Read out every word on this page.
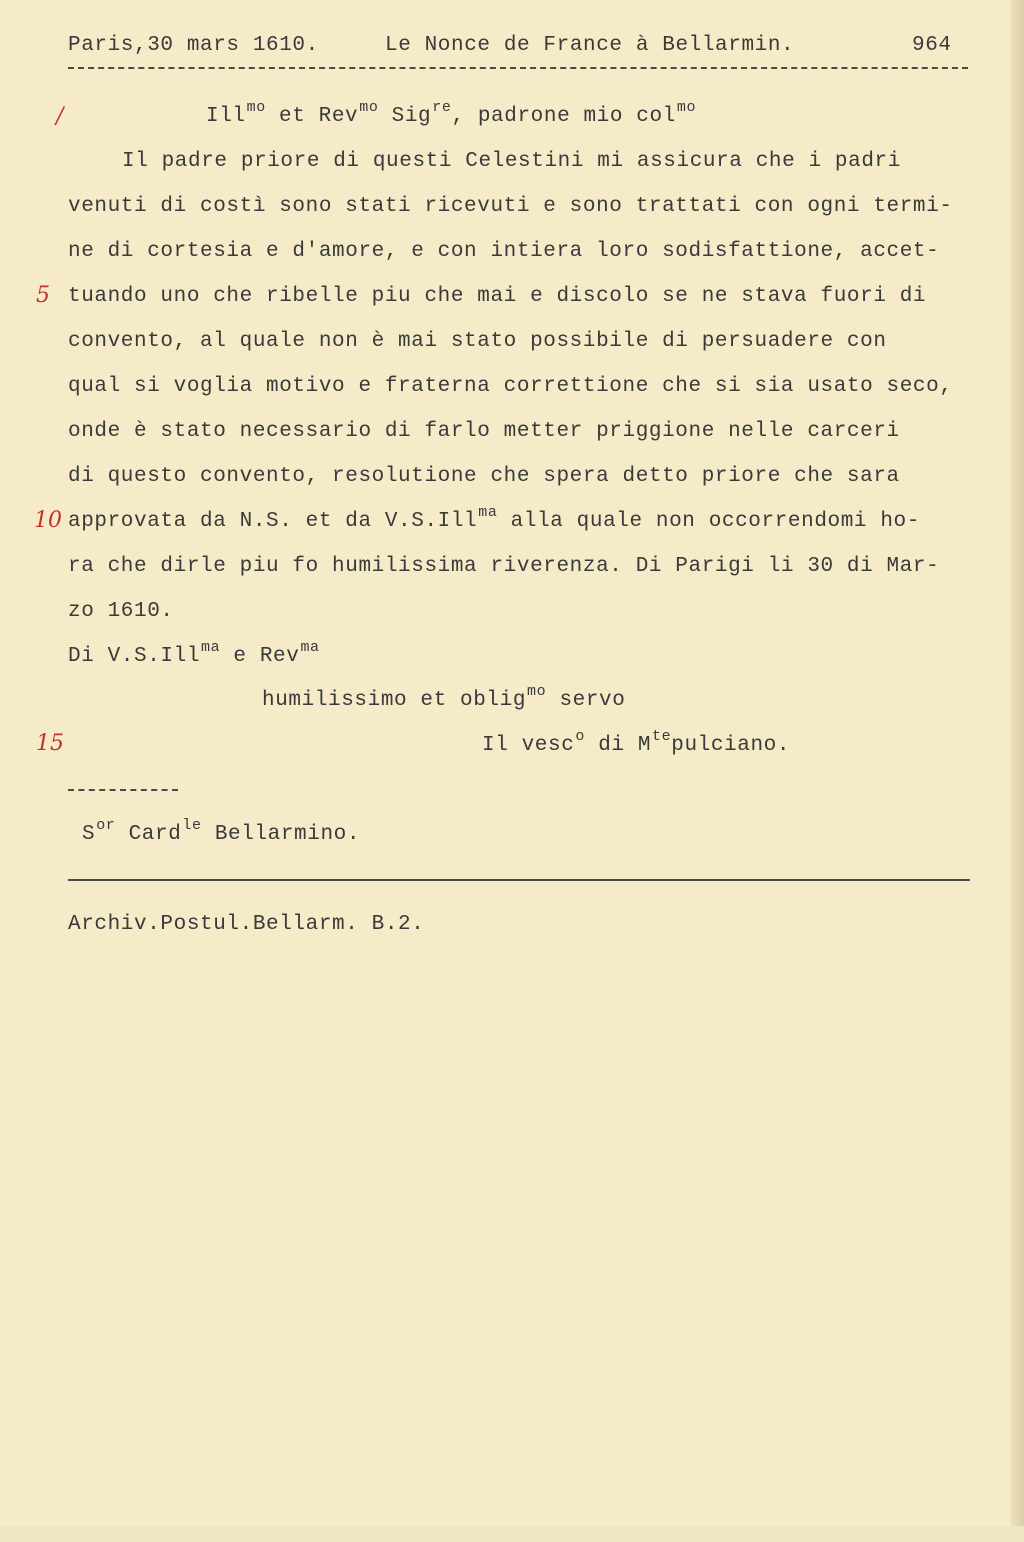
Paris,30 mars 1610.	Le Nonce de France à Bellarmin.	964
/
5
10
15
Ill$^{mo}$ et Rev$^{mo}$ Sig$^{re}$, padrone mio col$^{mo}$
Il padre priore di questi Celestini mi assicura che i padri
venuti di costì sono stati ricevuti e sono trattati con ogni termi-
ne di cortesia e d'amore, e con intiera loro sodisfattione, accet-
tuando uno che ribelle piu che mai e discolo se ne stava fuori di
convento, al quale non è mai stato possibile di persuadere con
qual si voglia motivo e fraterna correttione che si sia usato seco,
onde è stato necessario di farlo metter priggione nelle carceri
di questo convento, resolutione che spera detto priore che sara
approvata da N.S. et da V.S.Ill$^{ma}$ alla quale non occorrendomi ho-
ra che dirle piu fo humilissima riverenza. Di Parigi li 30 di Mar-
zo 1610.
Di V.S.Ill$^{ma}$ e Rev$^{ma}$
humilissimo et oblig$^{mo}$ servo
Il vesc$^o$ di $M^{te}pulciano$.
$S^{or}$ Card$^{le}$ Bellarmino.
Archiv.Postul.Bellarm. B.2.
